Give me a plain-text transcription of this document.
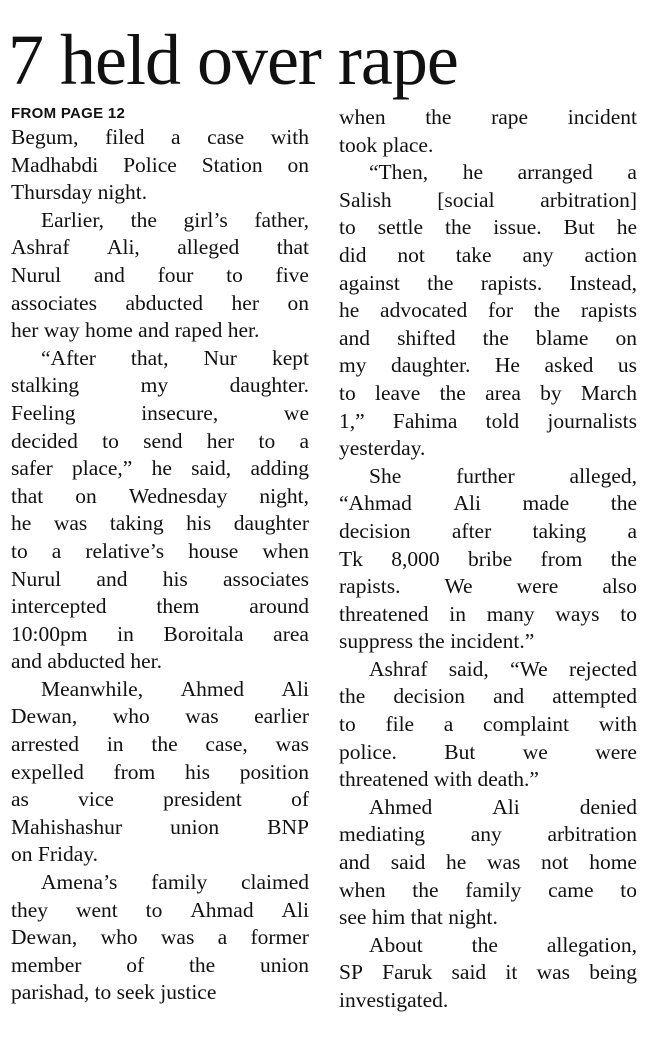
7 held over rape
FROM PAGE 12
Begum, filed a case with
Madhabdi Police Station on
Thursday night.
Earlier, the girl’s father,
Ashraf Ali, alleged that
Nurul and four to five
associates abducted her on
her way home and raped her.
“After that, Nur kept
stalking	my	daughter.
Feeling	insecure,	we
decided to send her to a
safer place,” he said, adding
that on Wednesday night,
he was taking his daughter
to a relative’s house when
Nurul and his associates
intercepted them around
10:00pm in Boroitala area
and abducted her.
Meanwhile, Ahmed Ali
Dewan, who was earlier
arrested in the case, was
expelled from his position
as vice president of
Mahishashur union BNP
on Friday.
Amena’s family claimed
they went to Ahmad Ali
Dewan, who was a former
member of the union
parishad, to seek justice
when the rape incident
took place.
“Then, he arranged a
Salish [social arbitration]
to settle the issue. But he
did not take any action
against the rapists. Instead,
he advocated for the rapists
and shifted the blame on
my daughter. He asked us
to leave the area by March
1,” Fahima told journalists
yesterday.
She	further	alleged,
“Ahmad Ali made the
decision after taking a
Tk 8,000 bribe from the
rapists. We were also
threatened in many ways to
suppress the incident.”
Ashraf said, “We rejected
the decision and attempted
to file a complaint with
police. But we were
threatened with death.”
Ahmed	Ali	denied
mediating any arbitration
and said he was not home
when the family came to
see him that night.
About the allegation,
SP Faruk said it was being
investigated.
